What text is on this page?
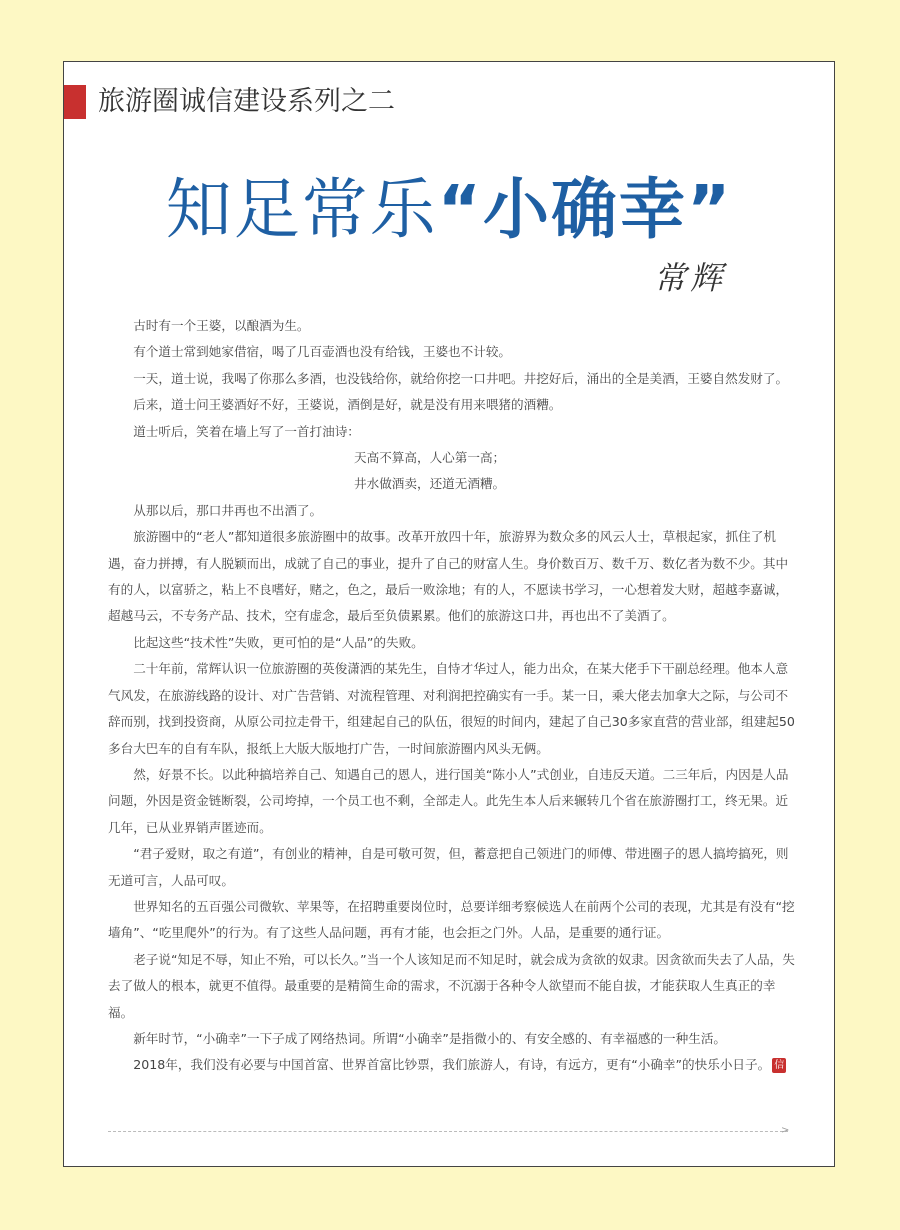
旅游圈诚信建设系列之二
知足常乐“小确幸”
常辉

古时有一个王婆，以酿酒为生。

有个道士常到她家借宿，喝了几百壶酒也没有给钱，王婆也不计较。

一天，道士说，我喝了你那么多酒，也没钱给你，就给你挖一口井吧。井挖好后，涌出的全是美酒，王婆自然发财了。

后来，道士问王婆酒好不好，王婆说，酒倒是好，就是没有用来喂猪的酒糟。

道士听后，笑着在墙上写了一首打油诗：

天高不算高，人心第一高；

井水做酒卖，还道无酒糟。

从那以后，那口井再也不出酒了。

旅游圈中的“老人”都知道很多旅游圈中的故事。改革开放四十年，旅游界为数众多的风云人士，草根起家，抓住了机遇，奋力拼搏，有人脱颖而出，成就了自己的事业，提升了自己的财富人生。身价数百万、数千万、数亿者为数不少。其中有的人，以富骄之，粘上不良嗜好，赌之，色之，最后一败涂地；有的人，不愿读书学习，一心想着发大财，超越李嘉诚，超越马云，不专务产品、技术，空有虚念，最后至负债累累。他们的旅游这口井，再也出不了美酒了。

比起这些“技术性”失败，更可怕的是“人品”的失败。

二十年前，常辉认识一位旅游圈的英俊潇洒的某先生，自恃才华过人，能力出众，在某大佬手下干副总经理。他本人意气风发，在旅游线路的设计、对广告营销、对流程管理、对利润把控确实有一手。某一日，乘大佬去加拿大之际，与公司不辞而别，找到投资商，从原公司拉走骨干，组建起自己的队伍，很短的时间内，建起了自己30多家直营的营业部，组建起50多台大巴车的自有车队，报纸上大版大版地打广告，一时间旅游圈内风头无俩。

然，好景不长。以此种搞培养自己、知遇自己的恩人，进行国美“陈小人”式创业，自违反天道。二三年后，内因是人品问题，外因是资金链断裂，公司垮掉，一个员工也不剩，全部走人。此先生本人后来辗转几个省在旅游圈打工，终无果。近几年，已从业界销声匿迹而。

“君子爱财，取之有道”，有创业的精神，自是可敬可贺，但，蓄意把自己领进门的师傅、带进圈子的恩人搞垮搞死，则无道可言，人品可叹。

世界知名的五百强公司微软、苹果等，在招聘重要岗位时，总要详细考察候选人在前两个公司的表现，尤其是有没有“挖墙角”、“吃里爬外”的行为。有了这些人品问题，再有才能，也会拒之门外。人品，是重要的通行证。

老子说“知足不辱，知止不殆，可以长久。”当一个人该知足而不知足时，就会成为贪欲的奴隶。因贪欲而失去了人品，失去了做人的根本，就更不值得。最重要的是精简生命的需求，不沉溺于各种令人欲望而不能自拔，才能获取人生真正的幸福。

新年时节，“小确幸”一下子成了网络热词。所谓“小确幸”是指微小的、有安全感的、有幸福感的一种生活。

2018年，我们没有必要与中国首富、世界首富比钞票，我们旅游人，有诗，有远方，更有“小确幸”的快乐小日子。 信

>
